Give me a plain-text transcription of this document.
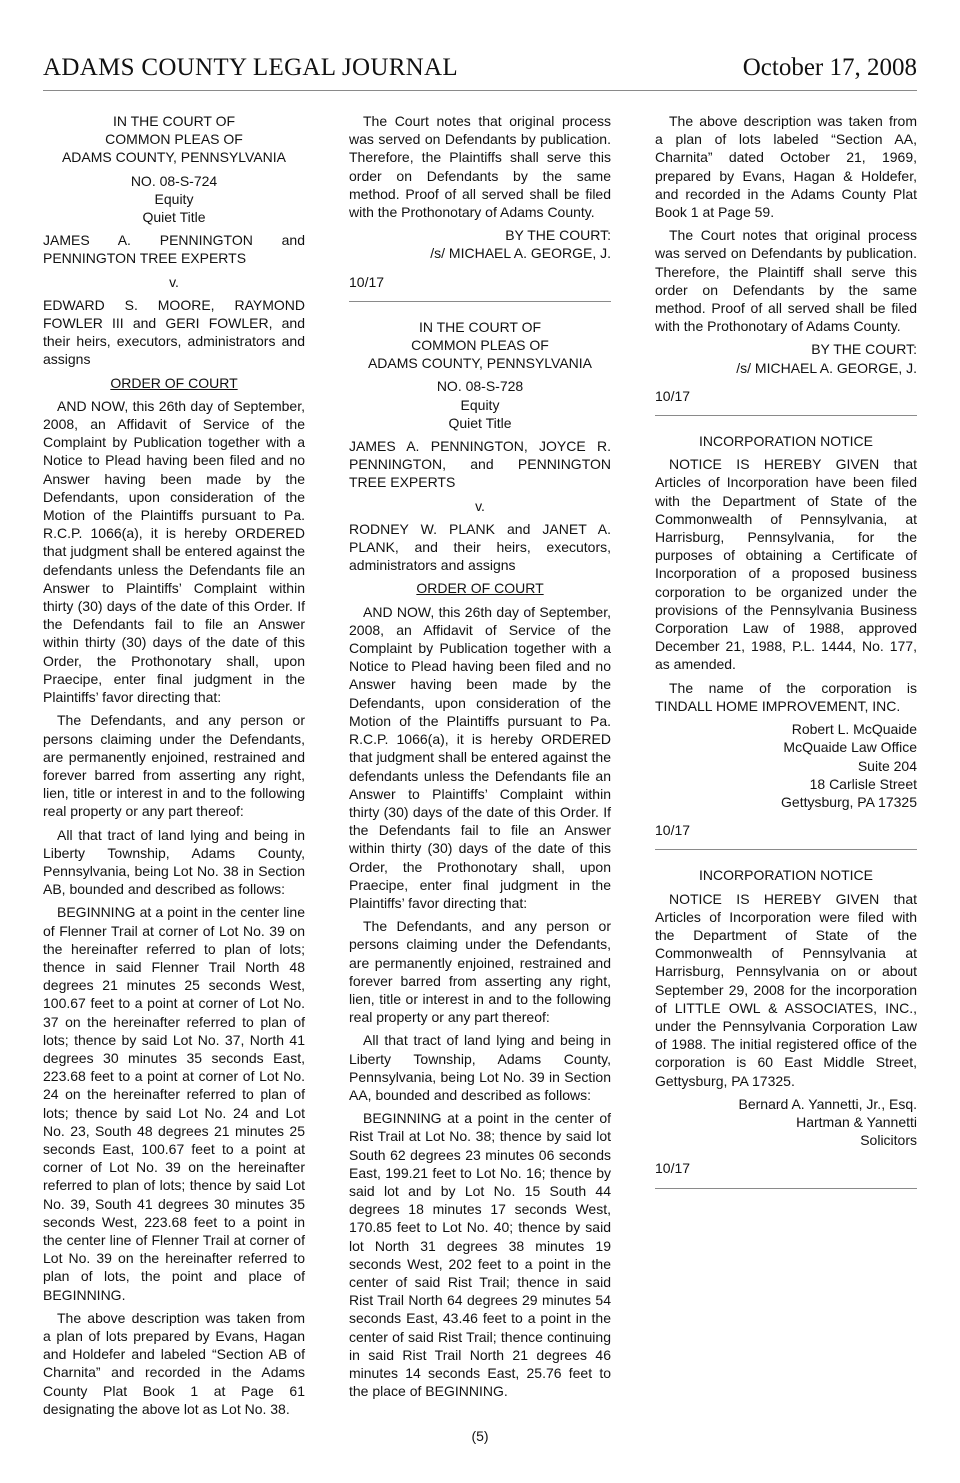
ADAMS COUNTY LEGAL JOURNAL	October 17, 2008
IN THE COURT OF
COMMON PLEAS OF
ADAMS COUNTY, PENNSYLVANIA
NO. 08-S-724
Equity
Quiet Title
JAMES A. PENNINGTON and PENNINGTON TREE EXPERTS
v.
EDWARD S. MOORE, RAYMOND FOWLER III and GERI FOWLER, and their heirs, executors, administrators and assigns
ORDER OF COURT

AND NOW, this 26th day of September, 2008, an Affidavit of Service of the Complaint by Publication together with a Notice to Plead having been filed and no Answer having been made by the Defendants, upon consideration of the Motion of the Plaintiffs pursuant to Pa. R.C.P. 1066(a), it is hereby ORDERED that judgment shall be entered against the defendants unless the Defendants file an Answer to Plaintiffs’ Complaint within thirty (30) days of the date of this Order. If the Defendants fail to file an Answer within thirty (30) days of the date of this Order, the Prothonotary shall, upon Praecipe, enter final judgment in the Plaintiffs’ favor directing that:

The Defendants, and any person or persons claiming under the Defendants, are permanently enjoined, restrained and forever barred from asserting any right, lien, title or interest in and to the following real property or any part thereof:

All that tract of land lying and being in Liberty Township, Adams County, Pennsylvania, being Lot No. 38 in Section AB, bounded and described as follows:

BEGINNING at a point in the center line of Flenner Trail at corner of Lot No. 39 on the hereinafter referred to plan of lots; thence in said Flenner Trail North 48 degrees 21 minutes 25 seconds West, 100.67 feet to a point at corner of Lot No. 37 on the hereinafter referred to plan of lots; thence by said Lot No. 37, North 41 degrees 30 minutes 35 seconds East, 223.68 feet to a point at corner of Lot No. 24 on the hereinafter referred to plan of lots; thence by said Lot No. 24 and Lot No. 23, South 48 degrees 21 minutes 25 seconds East, 100.67 feet to a point at corner of Lot No. 39 on the hereinafter referred to plan of lots; thence by said Lot No. 39, South 41 degrees 30 minutes 35 seconds West, 223.68 feet to a point in the center line of Flenner Trail at corner of Lot No. 39 on the hereinafter referred to plan of lots, the point and place of BEGINNING.

The above description was taken from a plan of lots prepared by Evans, Hagan and Holdefer and labeled “Section AB of Charnita” and recorded in the Adams County Plat Book 1 at Page 61 designating the above lot as Lot No. 38.

The Court notes that original process was served on Defendants by publication. Therefore, the Plaintiffs shall serve this order on Defendants by the same method. Proof of all served shall be filed with the Prothonotary of Adams County.

BY THE COURT:
/s/ MICHAEL A. GEORGE, J.
10/17
IN THE COURT OF
COMMON PLEAS OF
ADAMS COUNTY, PENNSYLVANIA
NO. 08-S-728
Equity
Quiet Title
JAMES A. PENNINGTON, JOYCE R. PENNINGTON, and PENNINGTON TREE EXPERTS
v.
RODNEY W. PLANK and JANET A. PLANK, and their heirs, executors, administrators and assigns
ORDER OF COURT

AND NOW, this 26th day of September, 2008, an Affidavit of Service of the Complaint by Publication together with a Notice to Plead having been filed and no Answer having been made by the Defendants, upon consideration of the Motion of the Plaintiffs pursuant to Pa. R.C.P. 1066(a), it is hereby ORDERED that judgment shall be entered against the defendants unless the Defendants file an Answer to Plaintiffs’ Complaint within thirty (30) days of the date of this Order. If the Defendants fail to file an Answer within thirty (30) days of the date of this Order, the Prothonotary shall, upon Praecipe, enter final judgment in the Plaintiffs’ favor directing that:

The Defendants, and any person or persons claiming under the Defendants, are permanently enjoined, restrained and forever barred from asserting any right, lien, title or interest in and to the following real property or any part thereof:

All that tract of land lying and being in Liberty Township, Adams County, Pennsylvania, being Lot No. 39 in Section AA, bounded and described as follows:

BEGINNING at a point in the center of Rist Trail at Lot No. 38; thence by said lot South 62 degrees 23 minutes 06 seconds East, 199.21 feet to Lot No. 16; thence by said lot and by Lot No. 15 South 44 degrees 18 minutes 17 seconds West, 170.85 feet to Lot No. 40; thence by said lot North 31 degrees 38 minutes 19 seconds West, 202 feet to a point in the center of said Rist Trail; thence in said Rist Trail North 64 degrees 29 minutes 54 seconds East, 43.46 feet to a point in the center of said Rist Trail; thence continuing in said Rist Trail North 21 degrees 46 minutes 14 seconds East, 25.76 feet to the place of BEGINNING.

The above description was taken from a plan of lots labeled “Section AA, Charnita” dated October 21, 1969, prepared by Evans, Hagan & Holdefer, and recorded in the Adams County Plat Book 1 at Page 59.

The Court notes that original process was served on Defendants by publication. Therefore, the Plaintiff shall serve this order on Defendants by the same method. Proof of all served shall be filed with the Prothonotary of Adams County.

BY THE COURT:
/s/ MICHAEL A. GEORGE, J.
10/17
INCORPORATION NOTICE

NOTICE IS HEREBY GIVEN that Articles of Incorporation have been filed with the Department of State of the Commonwealth of Pennsylvania, at Harrisburg, Pennsylvania, for the purposes of obtaining a Certificate of Incorporation of a proposed business corporation to be organized under the provisions of the Pennsylvania Business Corporation Law of 1988, approved December 21, 1988, P.L. 1444, No. 177, as amended.

The name of the corporation is TINDALL HOME IMPROVEMENT, INC.

Robert L. McQuaide
McQuaide Law Office
Suite 204
18 Carlisle Street
Gettysburg, PA 17325
10/17
INCORPORATION NOTICE

NOTICE IS HEREBY GIVEN that Articles of Incorporation were filed with the Department of State of the Commonwealth of Pennsylvania at Harrisburg, Pennsylvania on or about September 29, 2008 for the incorporation of LITTLE OWL & ASSOCIATES, INC., under the Pennsylvania Corporation Law of 1988. The initial registered office of the corporation is 60 East Middle Street, Gettysburg, PA 17325.

Bernard A. Yannetti, Jr., Esq.
Hartman & Yannetti
Solicitors
10/17
(5)
